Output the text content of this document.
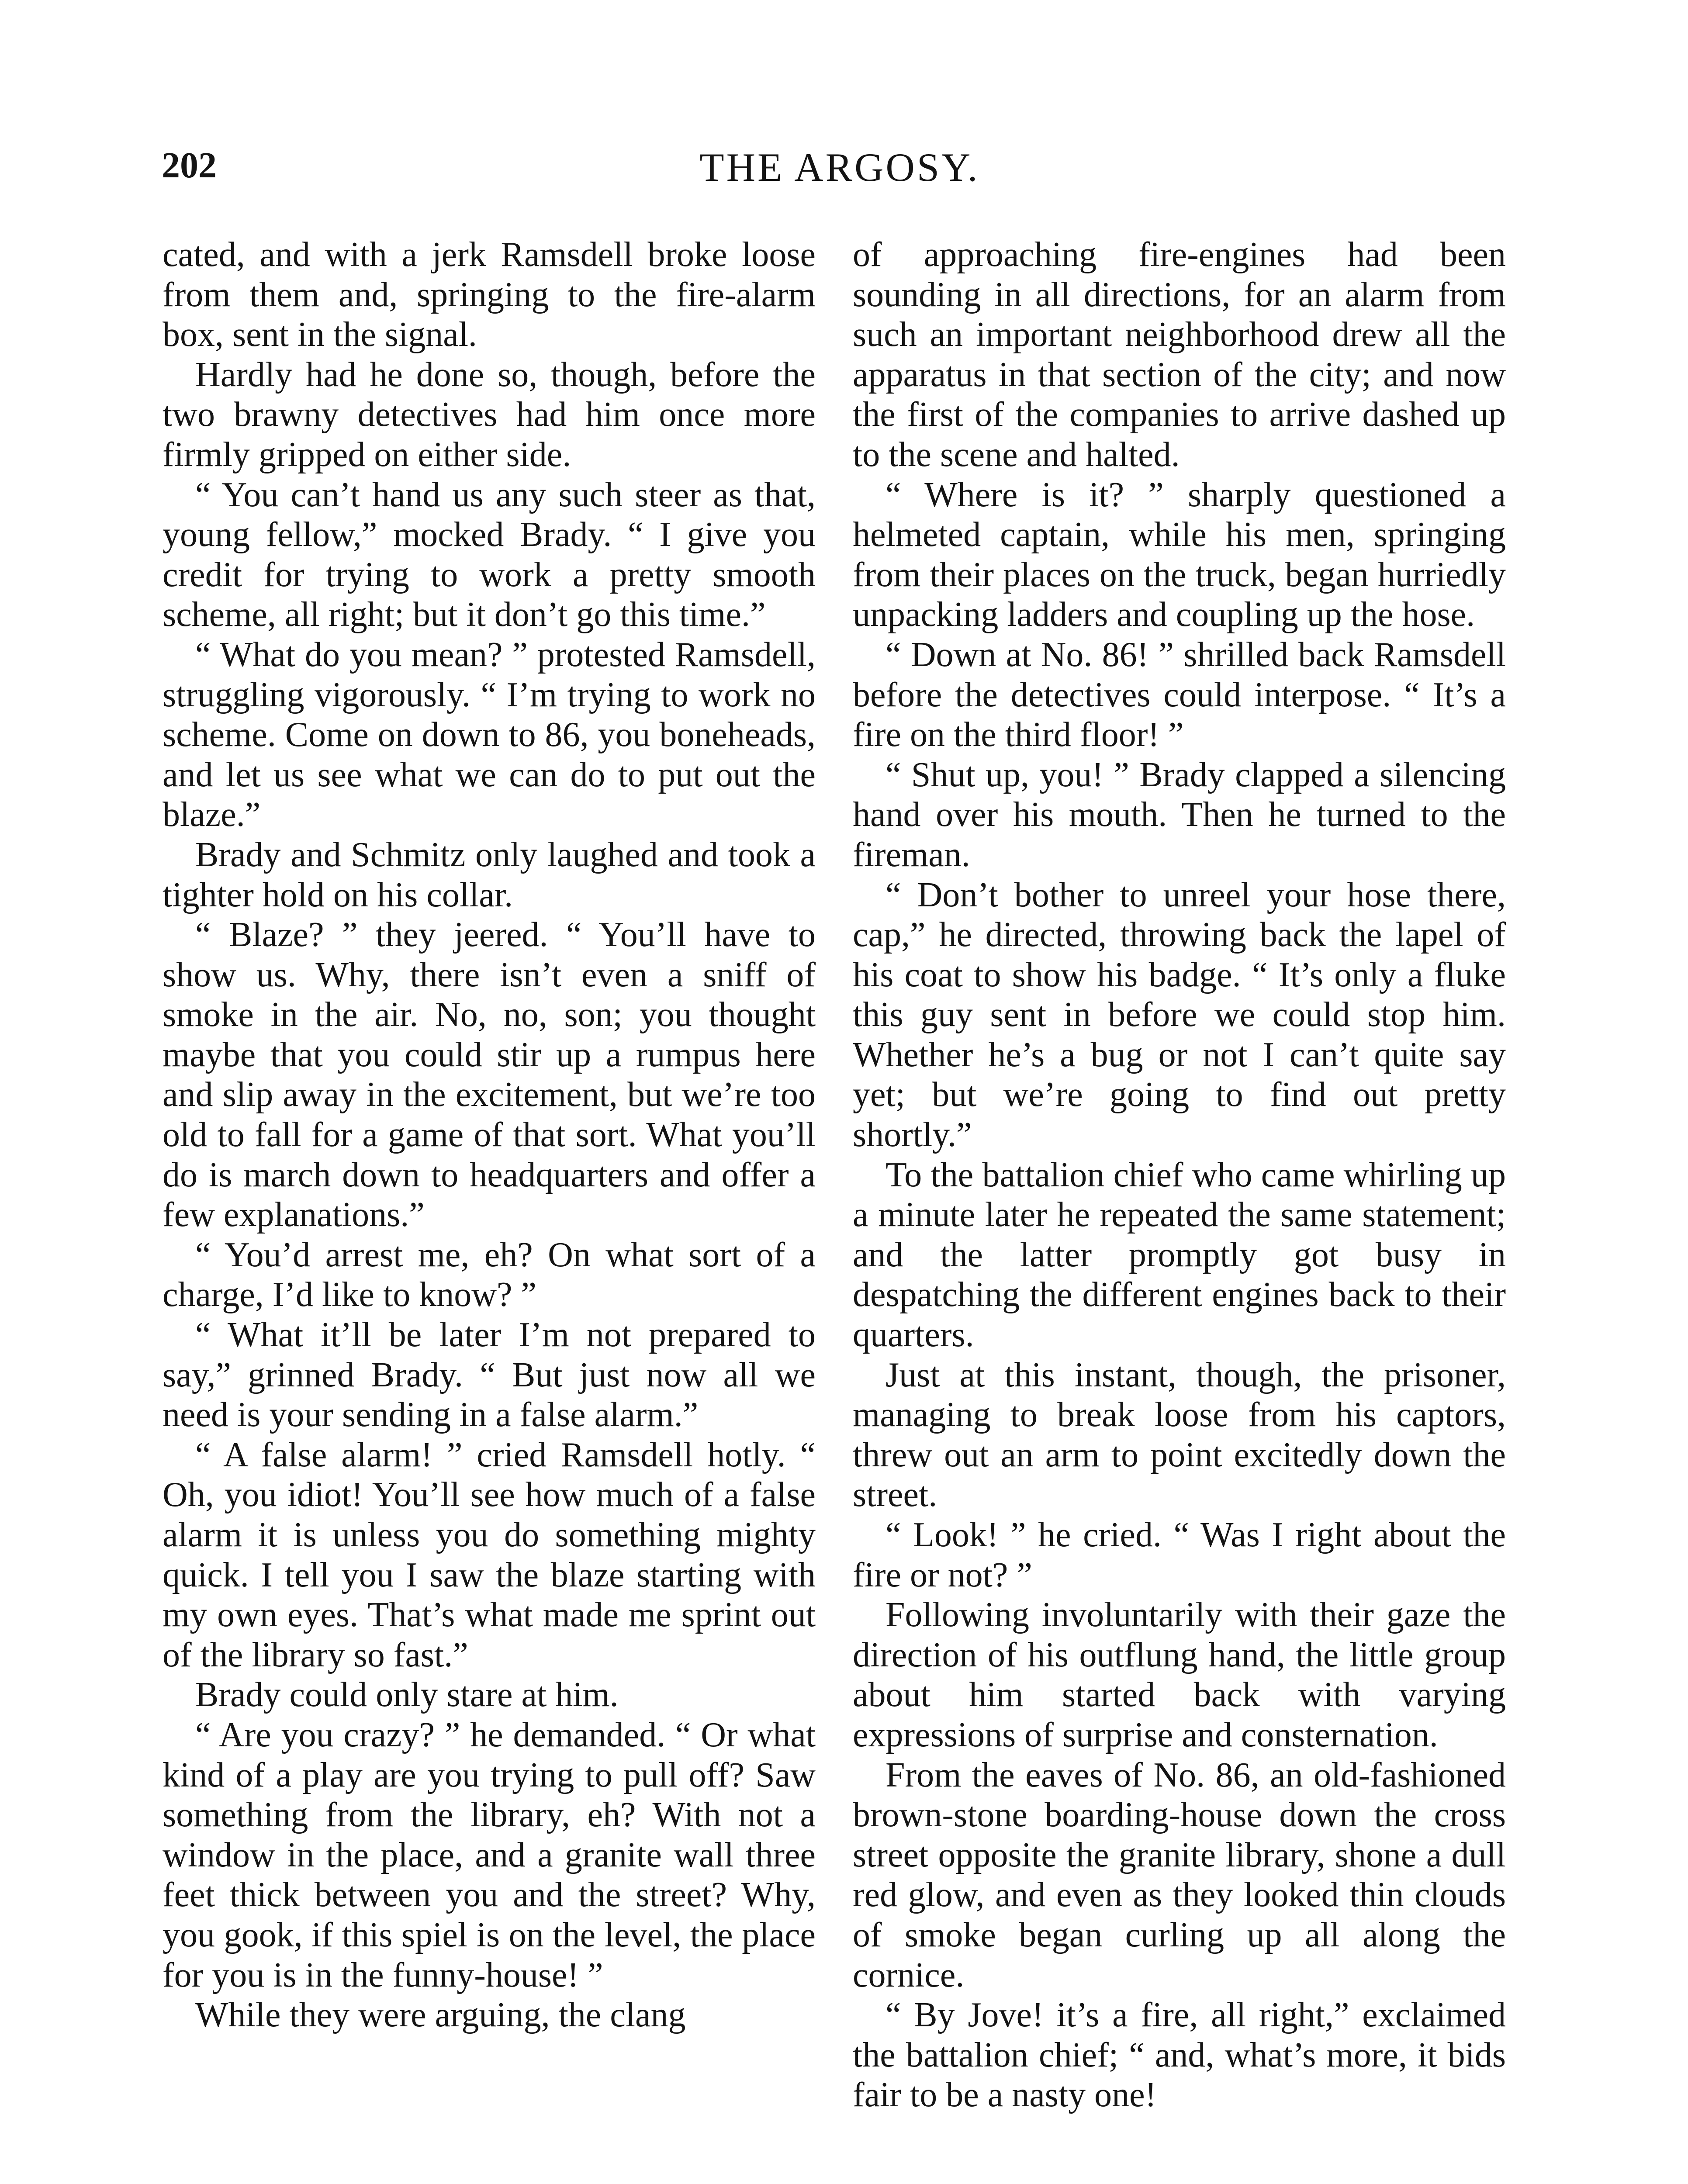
202	THE ARGOSY.

cated, and with a jerk Ramsdell broke loose from them and, springing to the fire-alarm box, sent in the signal.

Hardly had he done so, though, before the two brawny detectives had him once more firmly gripped on either side.

“ You can’t hand us any such steer as that, young fellow,” mocked Brady. “ I give you credit for trying to work a pretty smooth scheme, all right; but it don’t go this time.”

“ What do you mean? ” protested Ramsdell, struggling vigorously. “ I’m trying to work no scheme. Come on down to 86, you boneheads, and let us see what we can do to put out the blaze.”

Brady and Schmitz only laughed and took a tighter hold on his collar.

“ Blaze? ” they jeered. “ You’ll have to show us. Why, there isn’t even a sniff of smoke in the air. No, no, son; you thought maybe that you could stir up a rumpus here and slip away in the excitement, but we’re too old to fall for a game of that sort. What you’ll do is march down to headquarters and offer a few explanations.”

“ You’d arrest me, eh? On what sort of a charge, I’d like to know? ”

“ What it’ll be later I’m not prepared to say,” grinned Brady. “ But just now all we need is your sending in a false alarm.”

“ A false alarm! ” cried Ramsdell hotly. “ Oh, you idiot! You’ll see how much of a false alarm it is unless you do something mighty quick. I tell you I saw the blaze starting with my own eyes. That’s what made me sprint out of the library so fast.”

Brady could only stare at him.

“ Are you crazy? ” he demanded. “ Or what kind of a play are you trying to pull off? Saw something from the library, eh? With not a window in the place, and a granite wall three feet thick between you and the street? Why, you gook, if this spiel is on the level, the place for you is in the funny-house! ”

While they were arguing, the clang

of approaching fire-engines had been sounding in all directions, for an alarm from such an important neighborhood drew all the apparatus in that section of the city; and now the first of the companies to arrive dashed up to the scene and halted.

“ Where is it? ” sharply questioned a helmeted captain, while his men, springing from their places on the truck, began hurriedly unpacking ladders and coupling up the hose.

“ Down at No. 86! ” shrilled back Ramsdell before the detectives could interpose. “ It’s a fire on the third floor! ”

“ Shut up, you! ” Brady clapped a silencing hand over his mouth. Then he turned to the fireman.

“ Don’t bother to unreel your hose there, cap,” he directed, throwing back the lapel of his coat to show his badge. “ It’s only a fluke this guy sent in before we could stop him. Whether he’s a bug or not I can’t quite say yet; but we’re going to find out pretty shortly.”

To the battalion chief who came whirling up a minute later he repeated the same statement; and the latter promptly got busy in despatching the different engines back to their quarters.

Just at this instant, though, the prisoner, managing to break loose from his captors, threw out an arm to point excitedly down the street.

“ Look! ” he cried. “ Was I right about the fire or not? ”

Following involuntarily with their gaze the direction of his outflung hand, the little group about him started back with varying expressions of surprise and consternation.

From the eaves of No. 86, an old-fashioned brown-stone boarding-house down the cross street opposite the granite library, shone a dull red glow, and even as they looked thin clouds of smoke began curling up all along the cornice.

“ By Jove! it’s a fire, all right,” exclaimed the battalion chief; “ and, what’s more, it bids fair to be a nasty one!
